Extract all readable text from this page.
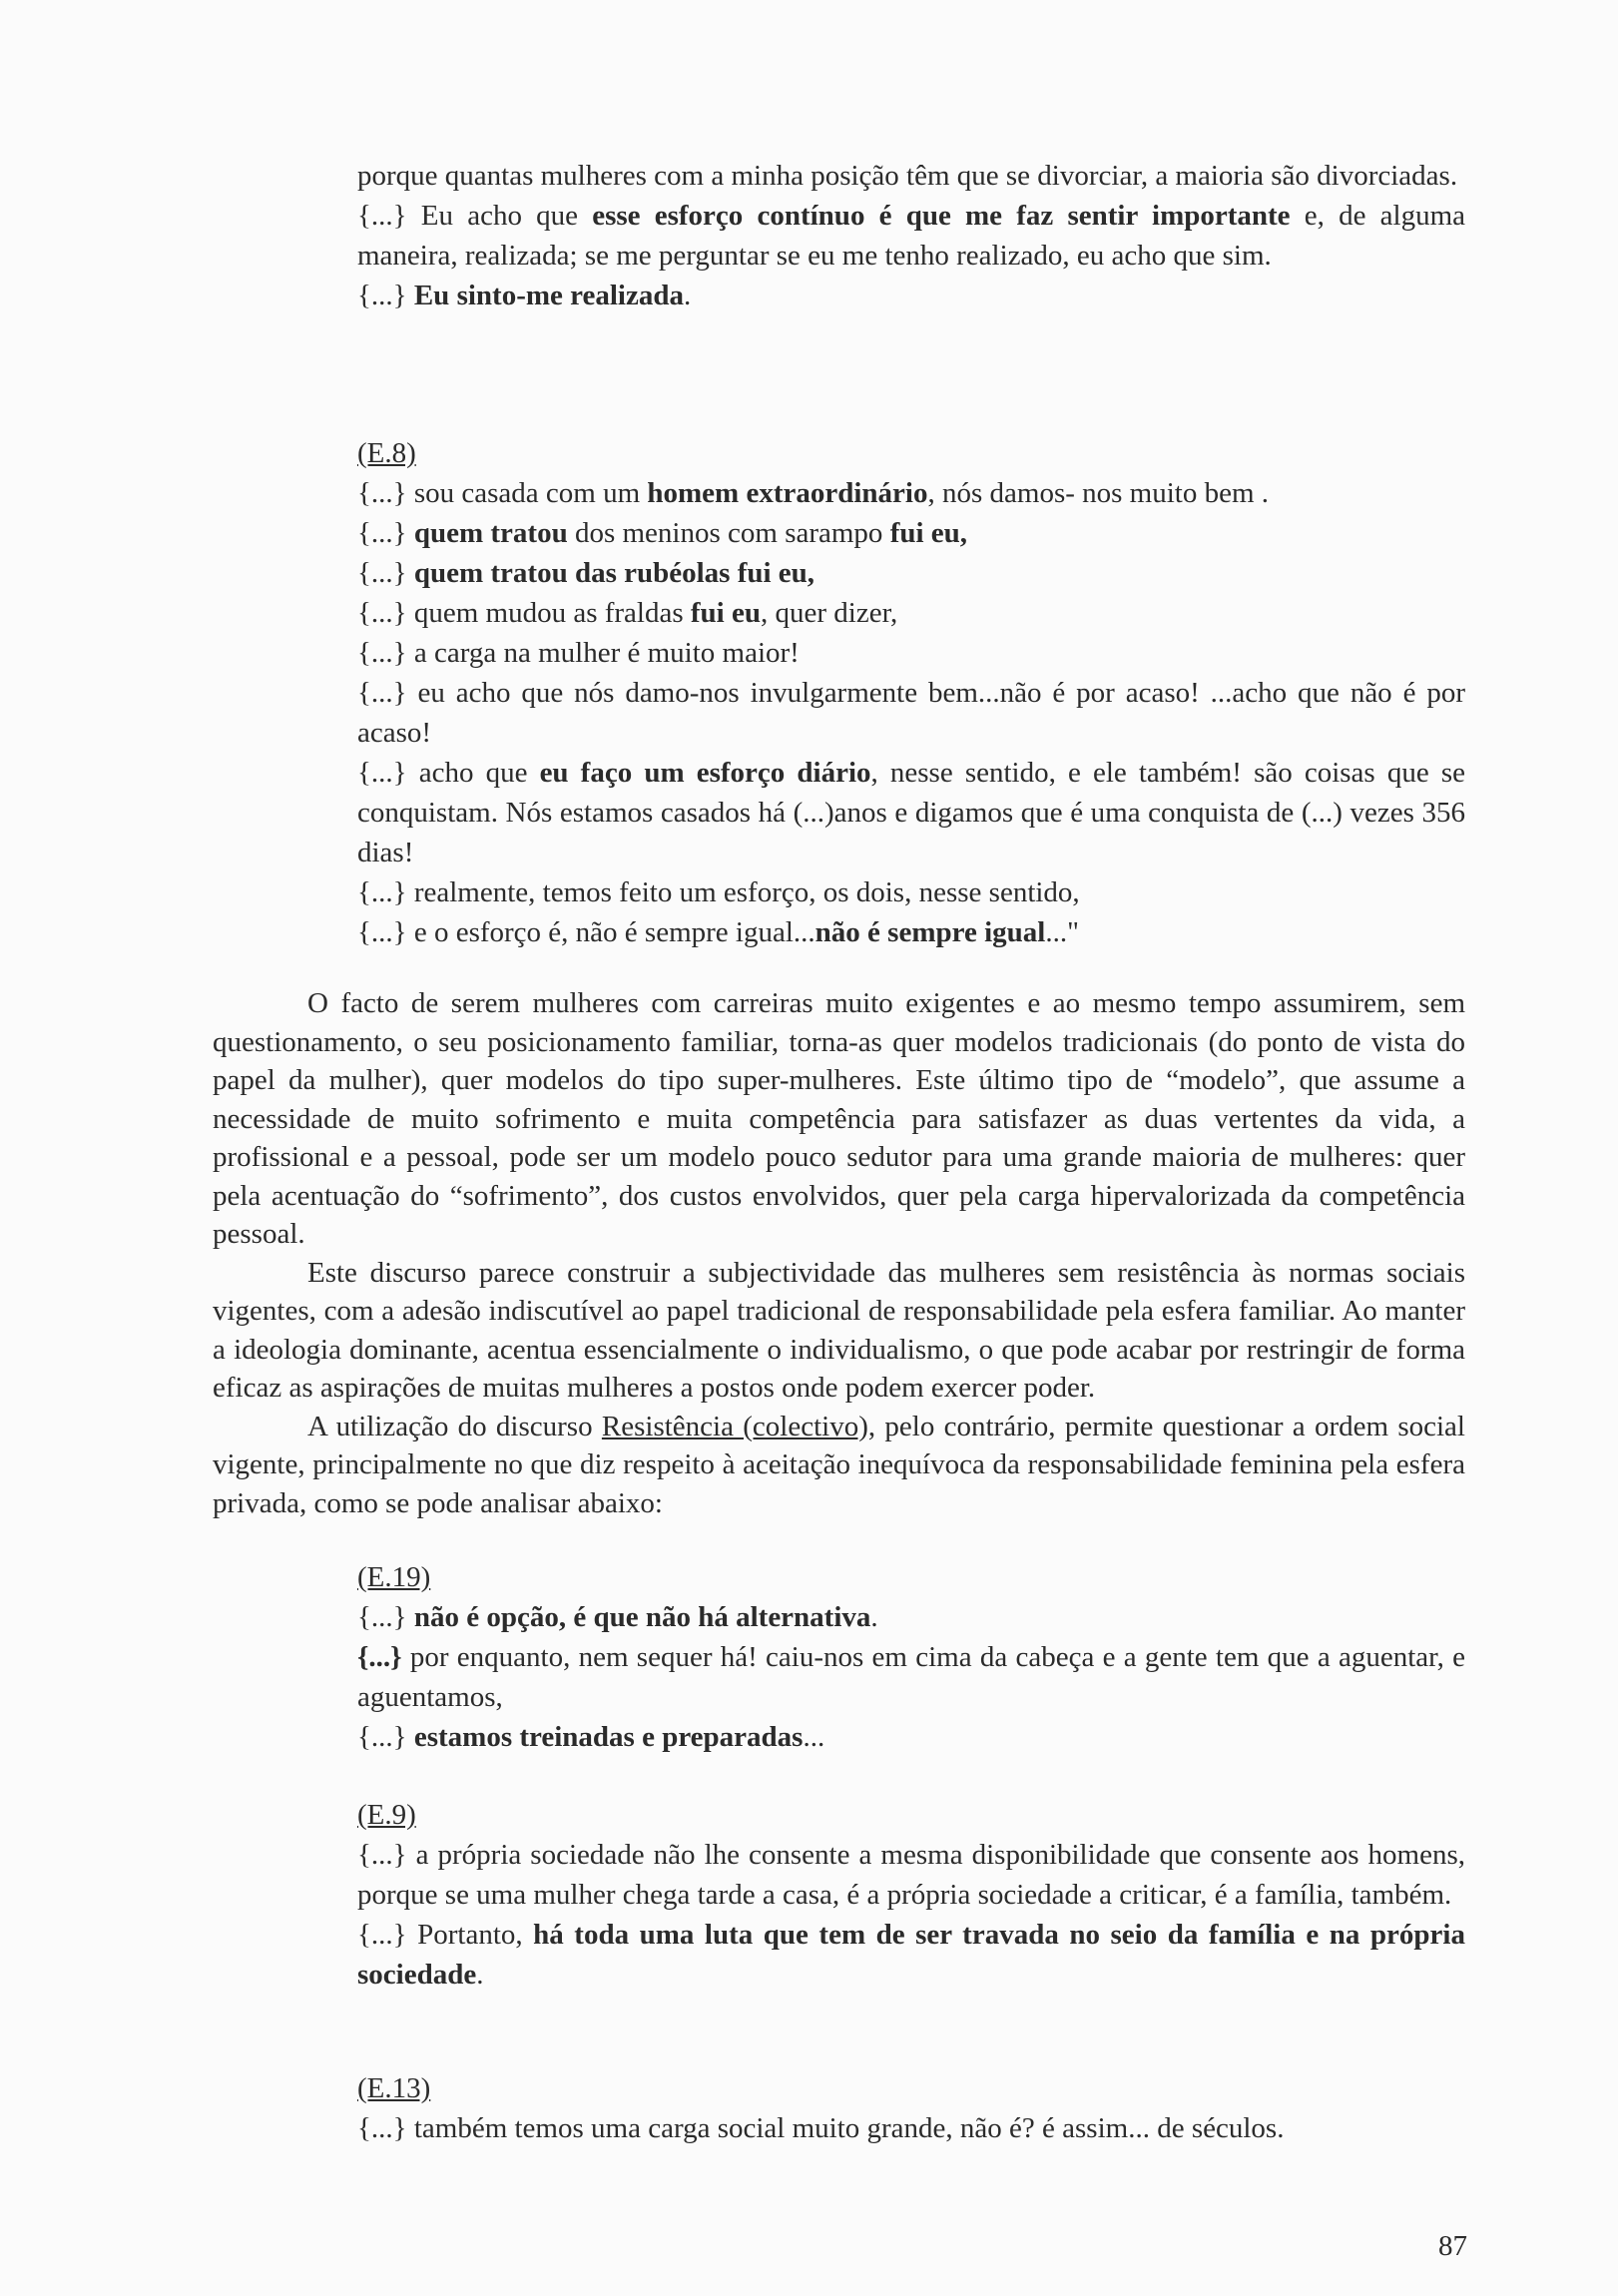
porque quantas mulheres com a minha posição têm que se divorciar, a maioria são divorciadas.

{...} Eu acho que esse esforço contínuo é que me faz sentir importante e, de alguma maneira, realizada; se me perguntar se eu me tenho realizado, eu acho que sim.

{...} Eu sinto-me realizada.

(E.8)

{...} sou casada com um homem extraordinário, nós damos- nos muito bem .

{...} quem tratou dos meninos com sarampo fui eu,

{...} quem tratou das rubéolas fui eu,

{...} quem mudou as fraldas fui eu, quer dizer,

{...} a carga na mulher é muito maior!

{...} eu acho que nós damo-nos invulgarmente bem...não é por acaso! ...acho que não é por acaso!

{...} acho que eu faço um esforço diário, nesse sentido, e ele também! são coisas que se conquistam. Nós estamos casados há (...)anos e digamos que é uma conquista de (...) vezes 356 dias!

{...} realmente, temos feito um esforço, os dois, nesse sentido,

{...} e o esforço é, não é sempre igual...não é sempre igual..."

O facto de serem mulheres com carreiras muito exigentes e ao mesmo tempo assumirem, sem questionamento, o seu posicionamento familiar, torna-as quer modelos tradicionais (do ponto de vista do papel da mulher), quer modelos do tipo super-mulheres. Este último tipo de “modelo”, que assume a necessidade de muito sofrimento e muita competência para satisfazer as duas vertentes da vida, a profissional e a pessoal, pode ser um modelo pouco sedutor para uma grande maioria de mulheres: quer pela acentuação do “sofrimento”, dos custos envolvidos, quer pela carga hipervalorizada da competência pessoal.

Este discurso parece construir a subjectividade das mulheres sem resistência às normas sociais vigentes, com a adesão indiscutível ao papel tradicional de responsabilidade pela esfera familiar. Ao manter a ideologia dominante, acentua essencialmente o individualismo, o que pode acabar por restringir de forma eficaz as aspirações de muitas mulheres a postos onde podem exercer poder.

A utilização do discurso Resistência (colectivo), pelo contrário, permite questionar a ordem social vigente, principalmente no que diz respeito à aceitação inequívoca da responsabilidade feminina pela esfera privada, como se pode analisar abaixo:

(E.19)

{...} não é opção, é que não há alternativa.

{...} por enquanto, nem sequer há! caiu-nos em cima da cabeça e a gente tem que a aguentar, e aguentamos,

{...} estamos treinadas e preparadas...

(E.9)

{...} a própria sociedade não lhe consente a mesma disponibilidade que consente aos homens, porque se uma mulher chega tarde a casa, é a própria sociedade a criticar, é a família, também.

{...} Portanto, há toda uma luta que tem de ser travada no seio da família e na própria sociedade.

(E.13)

{...} também temos uma carga social muito grande, não é? é assim... de séculos.

87
